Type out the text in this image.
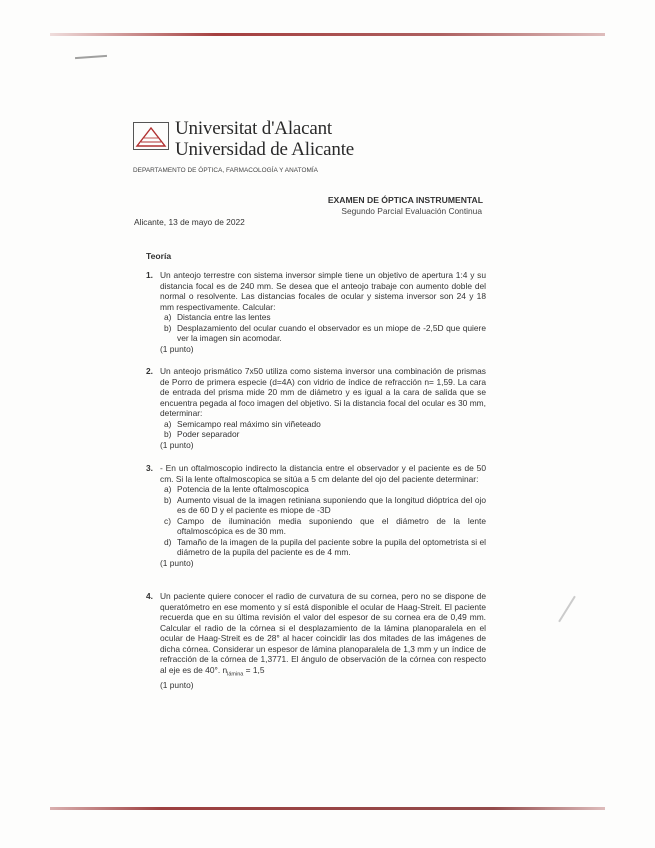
Universitat d'Alacant
Universidad de Alicante
DEPARTAMENTO DE ÓPTICA, FARMACOLOGÍA Y ANATOMÍA
EXAMEN DE ÓPTICA INSTRUMENTAL
Segundo Parcial Evaluación Continua
Alicante, 13 de mayo de 2022
Teoría
1. Un anteojo terrestre con sistema inversor simple tiene un objetivo de apertura 1:4 y su distancia focal es de 240 mm. Se desea que el anteojo trabaje con aumento doble del normal o resolvente. Las distancias focales de ocular y sistema inversor son 24 y 18 mm respectivamente. Calcular:
a) Distancia entre las lentes
b) Desplazamiento del ocular cuando el observador es un miope de -2,5D que quiere ver la imagen sin acomodar.
(1 punto)
2. Un anteojo prismático 7x50 utiliza como sistema inversor una combinación de prismas de Porro de primera especie (d=4A) con vidrio de índice de refracción n= 1,59. La cara de entrada del prisma mide 20 mm de diámetro y es igual a la cara de salida que se encuentra pegada al foco imagen del objetivo. Si la distancia focal del ocular es 30 mm, determinar:
a) Semicampo real máximo sin viñeteado
b) Poder separador
(1 punto)
3. - En un oftalmoscopio indirecto la distancia entre el observador y el paciente es de 50 cm. Si la lente oftalmoscopica se sitúa a 5 cm delante del ojo del paciente determinar:
a) Potencia de la lente oftalmoscopica
b) Aumento visual de la imagen retiniana suponiendo que la longitud dióptrica del ojo es de 60 D y el paciente es miope de -3D
c) Campo de iluminación media suponiendo que el diámetro de la lente oftalmoscópica es de 30 mm.
d) Tamaño de la imagen de la pupila del paciente sobre la pupila del optometrista si el diámetro de la pupila del paciente es de 4 mm.
(1 punto)
4. Un paciente quiere conocer el radio de curvatura de su cornea, pero no se dispone de queratómetro en ese momento y sí está disponible el ocular de Haag-Streit. El paciente recuerda que en su última revisión el valor del espesor de su cornea era de 0,49 mm. Calcular el radio de la córnea si el desplazamiento de la lámina planoparalela en el ocular de Haag-Streit es de 28° al hacer coincidir las dos mitades de las imágenes de dicha córnea. Considerar un espesor de lámina planoparalela de 1,3 mm y un índice de refracción de la córnea de 1,3771. El ángulo de observación de la córnea con respecto al eje es de 40°. $n_{lámina} = 1,5$
(1 punto)
